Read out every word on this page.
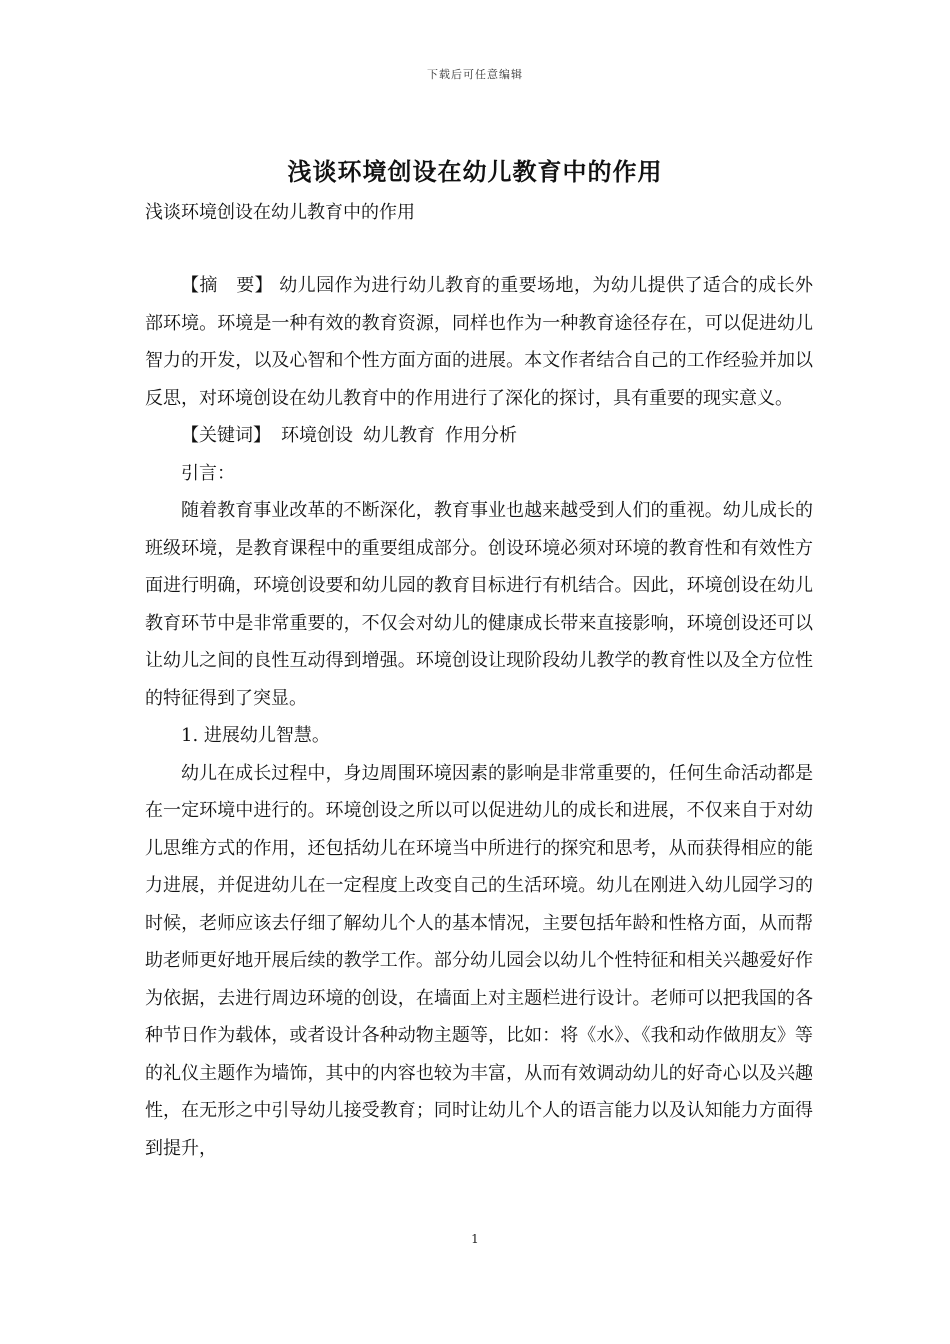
下载后可任意编辑
浅谈环境创设在幼儿教育中的作用
浅谈环境创设在幼儿教育中的作用

【摘　要】 幼儿园作为进行幼儿教育的重要场地，为幼儿提供了适合的成长外部环境。环境是一种有效的教育资源，同样也作为一种教育途径存在，可以促进幼儿智力的开发，以及心智和个性方面方面的进展。本文作者结合自己的工作经验并加以反思，对环境创设在幼儿教育中的作用进行了深化的探讨，具有重要的现实意义。

【关键词】 环境创设 幼儿教育 作用分析

引言：

随着教育事业改革的不断深化，教育事业也越来越受到人们的重视。幼儿成长的班级环境，是教育课程中的重要组成部分。创设环境必须对环境的教育性和有效性方面进行明确，环境创设要和幼儿园的教育目标进行有机结合。因此，环境创设在幼儿教育环节中是非常重要的，不仅会对幼儿的健康成长带来直接影响，环境创设还可以让幼儿之间的良性互动得到增强。环境创设让现阶段幼儿教学的教育性以及全方位性的特征得到了突显。

1. 进展幼儿智慧。

幼儿在成长过程中，身边周围环境因素的影响是非常重要的，任何生命活动都是在一定环境中进行的。环境创设之所以可以促进幼儿的成长和进展，不仅来自于对幼儿思维方式的作用，还包括幼儿在环境当中所进行的探究和思考，从而获得相应的能力进展，并促进幼儿在一定程度上改变自己的生活环境。幼儿在刚进入幼儿园学习的时候，老师应该去仔细了解幼儿个人的基本情况，主要包括年龄和性格方面，从而帮助老师更好地开展后续的教学工作。部分幼儿园会以幼儿个性特征和相关兴趣爱好作为依据，去进行周边环境的创设，在墙面上对主题栏进行设计。老师可以把我国的各种节日作为载体，或者设计各种动物主题等，比如：将《水》、《我和动作做朋友》等的礼仪主题作为墙饰，其中的内容也较为丰富，从而有效调动幼儿的好奇心以及兴趣性，在无形之中引导幼儿接受教育；同时让幼儿个人的语言能力以及认知能力方面得到提升，

1
